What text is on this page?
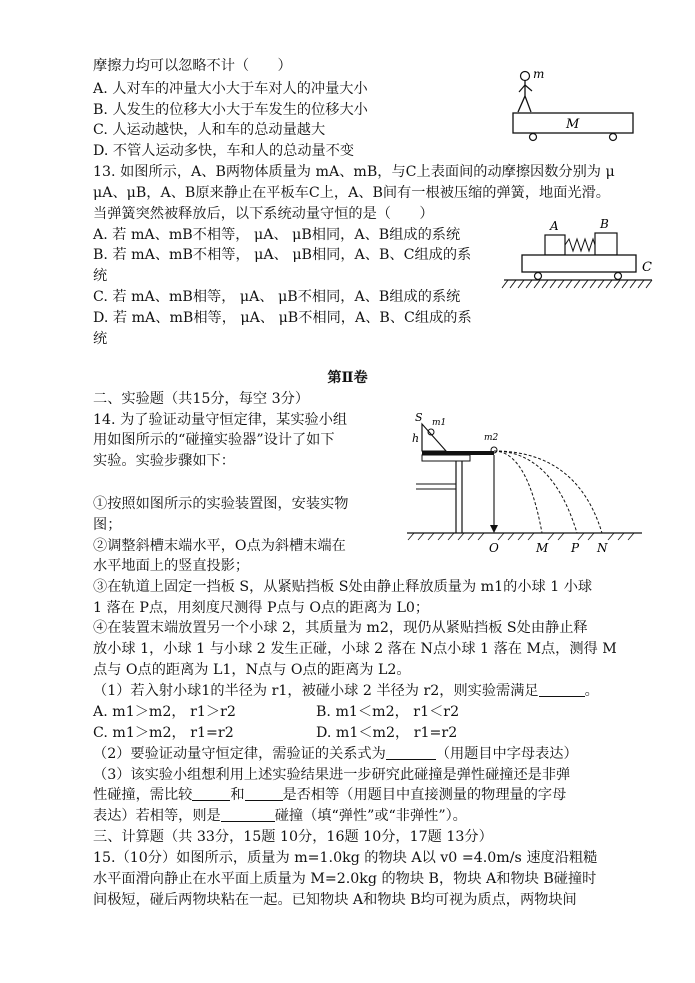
摩擦力均可以忽略不计（　　）
A. 人对车的冲量大小大于车对人的冲量大小
B. 人发生的位移大小大于车发生的位移大小
C. 人运动越快，人和车的总动量越大
D. 不管人运动多快，车和人的总动量不变
m
M
13. 如图所示，A、B两物体质量为 mA、mB，与C上表面间的动摩擦因数分别为 μ
μA、μB，A、B原来静止在平板车C上，A、B间有一根被压缩的弹簧，地面光滑。
当弹簧突然被释放后，以下系统动量守恒的是（　　）
A. 若 mA、mB不相等， μA、 μB相同，A、B组成的系统
B. 若 mA、mB不相等， μA、 μB相同，A、B、C组成的系
统
C. 若 mA、mB相等， μA、 μB不相同，A、B组成的系统
D. 若 mA、mB相等， μA、 μB不相同，A、B、C组成的系
统
A	B
C
第Ⅱ卷
二、实验题（共15分，每空 3分）
14. 为了验证动量守恒定律，某实验小组
用如图所示的“碰撞实验器”设计了如下
实验。实验步骤如下：
①按照如图所示的实验装置图，安装实物
图；
②调整斜槽末端水平，O点为斜槽末端在
水平地面上的竖直投影；
③在轨道上固定一挡板 S，从紧贴挡板 S处由静止释放质量为 m1的小球 1 小球
1 落在 P点，用刻度尺测得 P点与 O点的距离为 L0；
④在装置末端放置另一个小球 2，其质量为 m2，现仍从紧贴挡板 S处由静止释
放小球 1，小球 1 与小球 2 发生正碰，小球 2 落在 N点小球 1 落在 M点，测得 M
点与 O点的距离为 L1，N点与 O点的距离为 L2。
（1）若入射小球1的半径为 r1，被碰小球 2 半径为 r2，则实验需满足	。
A. m1＞m2， r1＞r2	B. m1＜m2， r1＜r2
C. m1＞m2， r1=r2	D. m1＜m2， r1=r2
（2）要验证动量守恒定律，需验证的关系式为	（用题目中字母表达）
（3）该实验小组想利用上述实验结果进一步研究此碰撞是弹性碰撞还是非弹
性碰撞，需比较	和	是否相等（用题目中直接测量的物理量的字母
表达）若相等，则是	碰撞（填“弹性”或“非弹性”）。
S m1
h	m2
O	M P N
三、计算题（共 33分，15题 10分，16题 10分，17题 13分）
15.（10分）如图所示，质量为 m=1.0kg 的物块 A以 v0 =4.0m/s 速度沿粗糙
水平面滑向静止在水平面上质量为 M=2.0kg 的物块 B，物块 A和物块 B碰撞时
间极短，碰后两物块粘在一起。已知物块 A和物块 B均可视为质点，两物块间
